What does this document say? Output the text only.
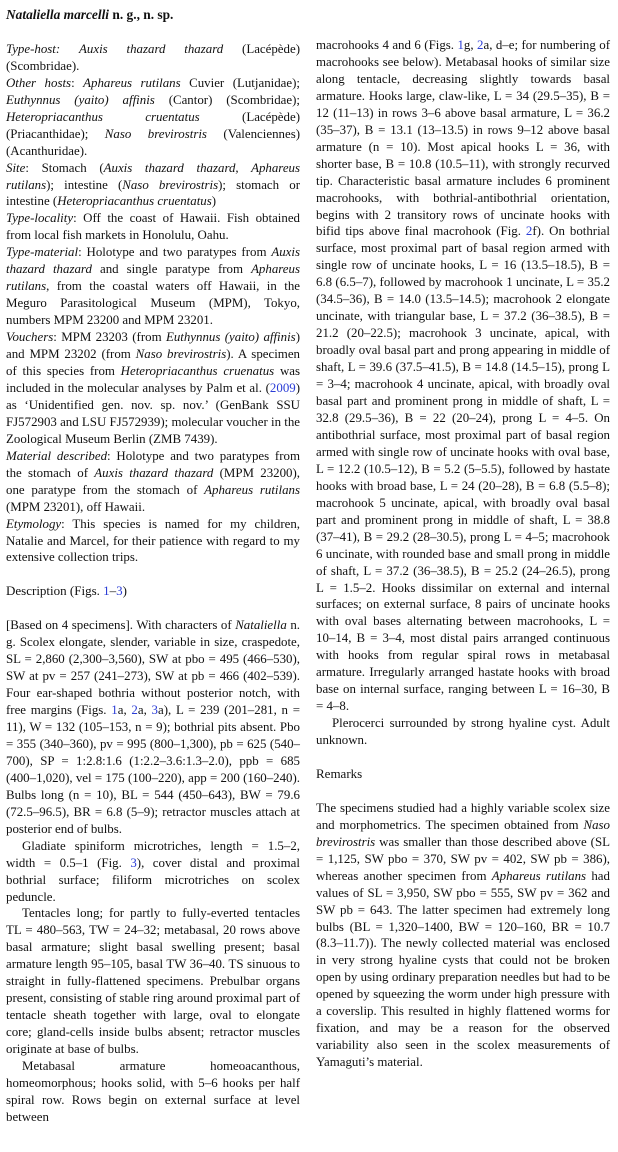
Nataliella marcelli n. g., n. sp.

Type-host: Auxis thazard thazard (Lacépède) (Scombridae).

Other hosts: Aphareus rutilans Cuvier (Lutjanidae); Euthynnus (yaito) affinis (Cantor) (Scombridae); Heteropriacanthus cruentatus (Lacépède) (Priacanthidae); Naso brevirostris (Valenciennes) (Acanthuridae).

Site: Stomach (Auxis thazard thazard, Aphareus rutilans); intestine (Naso brevirostris); stomach or intestine (Heteropriacanthus cruentatus)

Type-locality: Off the coast of Hawaii. Fish obtained from local fish markets in Honolulu, Oahu.

Type-material: Holotype and two paratypes from Auxis thazard thazard and single paratype from Aphareus rutilans, from the coastal waters off Hawaii, in the Meguro Parasitological Museum (MPM), Tokyo, numbers MPM 23200 and MPM 23201.

Vouchers: MPM 23203 (from Euthynnus (yaito) affinis) and MPM 23202 (from Naso brevirostris). A specimen of this species from Heteropriacanthus cruenatus was included in the molecular analyses by Palm et al. (2009) as ‘Unidentified gen. nov. sp. nov.’ (GenBank SSU FJ572903 and LSU FJ572939); molecular voucher in the Zoological Museum Berlin (ZMB 7439).

Material described: Holotype and two paratypes from the stomach of Auxis thazard thazard (MPM 23200), one paratype from the stomach of Aphareus rutilans (MPM 23201), off Hawaii.

Etymology: This species is named for my children, Natalie and Marcel, for their patience with regard to my extensive collection trips.

Description (Figs. 1–3)

[Based on 4 specimens]. With characters of Nataliella n. g. Scolex elongate, slender, variable in size, craspedote, SL = 2,860 (2,300–3,560), SW at pbo = 495 (466–530), SW at pv = 257 (241–273), SW at pb = 466 (402–539). Four ear-shaped bothria without posterior notch, with free margins (Figs. 1a, 2a, 3a), L = 239 (201–281, n = 11), W = 132 (105–153, n = 9); bothrial pits absent. Pbo = 355 (340–360), pv = 995 (800–1,300), pb = 625 (540–700), SP = 1:2.8:1.6 (1:2.2–3.6:1.3–2.0), ppb = 685 (400–1,020), vel = 175 (100–220), app = 200 (160–240). Bulbs long (n = 10), BL = 544 (450–643), BW = 79.6 (72.5–96.5), BR = 6.8 (5–9); retractor muscles attach at posterior end of bulbs.

Gladiate spiniform microtriches, length = 1.5–2, width = 0.5–1 (Fig. 3), cover distal and proximal bothrial surface; filiform microtriches on scolex peduncle.

Tentacles long; for partly to fully-everted tentacles TL = 480–563, TW = 24–32; metabasal, 20 rows above basal armature; slight basal swelling present; basal armature length 95–105, basal TW 36–40. TS sinuous to straight in fully-flattened specimens. Prebulbar organs present, consisting of stable ring around proximal part of tentacle sheath together with large, oval to elongate core; gland-cells inside bulbs absent; retractor muscles originate at base of bulbs.

Metabasal armature homeoacanthous, homeomorphous; hooks solid, with 5–6 hooks per half spiral row. Rows begin on external surface at level between

macrohooks 4 and 6 (Figs. 1g, 2a, d–e; for numbering of macrohooks see below). Metabasal hooks of similar size along tentacle, decreasing slightly towards basal armature. Hooks large, claw-like, L = 34 (29.5–35), B = 12 (11–13) in rows 3–6 above basal armature, L = 36.2 (35–37), B = 13.1 (13–13.5) in rows 9–12 above basal armature (n = 10). Most apical hooks L = 36, with shorter base, B = 10.8 (10.5–11), with strongly recurved tip. Characteristic basal armature includes 6 prominent macrohooks, with bothrial-antibothrial orientation, begins with 2 transitory rows of uncinate hooks with bifid tips above final macrohook (Fig. 2f). On bothrial surface, most proximal part of basal region armed with single row of uncinate hooks, L = 16 (13.5–18.5), B = 6.8 (6.5–7), followed by macrohook 1 uncinate, L = 35.2 (34.5–36), B = 14.0 (13.5–14.5); macrohook 2 elongate uncinate, with triangular base, L = 37.2 (36–38.5), B = 21.2 (20–22.5); macrohook 3 uncinate, apical, with broadly oval basal part and prong appearing in middle of shaft, L = 39.6 (37.5–41.5), B = 14.8 (14.5–15), prong L = 3–4; macrohook 4 uncinate, apical, with broadly oval basal part and prominent prong in middle of shaft, L = 32.8 (29.5–36), B = 22 (20–24), prong L = 4–5. On antibothrial surface, most proximal part of basal region armed with single row of uncinate hooks with oval base, L = 12.2 (10.5–12), B = 5.2 (5–5.5), followed by hastate hooks with broad base, L = 24 (20–28), B = 6.8 (5.5–8); macrohook 5 uncinate, apical, with broadly oval basal part and prominent prong in middle of shaft, L = 38.8 (37–41), B = 29.2 (28–30.5), prong L = 4–5; macrohook 6 uncinate, with rounded base and small prong in middle of shaft, L = 37.2 (36–38.5), B = 25.2 (24–26.5), prong L = 1.5–2. Hooks dissimilar on external and internal surfaces; on external surface, 8 pairs of uncinate hooks with oval bases alternating between macrohooks, L = 10–14, B = 3–4, most distal pairs arranged continuous with hooks from regular spiral rows in metabasal armature. Irregularly arranged hastate hooks with broad base on internal surface, ranging between L = 16–30, B = 4–8.

Plerocerci surrounded by strong hyaline cyst. Adult unknown.

Remarks

The specimens studied had a highly variable scolex size and morphometrics. The specimen obtained from Naso brevirostris was smaller than those described above (SL = 1,125, SW pbo = 370, SW pv = 402, SW pb = 386), whereas another specimen from Aphareus rutilans had values of SL = 3,950, SW pbo = 555, SW pv = 362 and SW pb = 643. The latter specimen had extremely long bulbs (BL = 1,320–1400, BW = 120–160, BR = 10.7 (8.3–11.7)). The newly collected material was enclosed in very strong hyaline cysts that could not be broken open by using ordinary preparation needles but had to be opened by squeezing the worm under high pressure with a coverslip. This resulted in highly flattened worms for fixation, and may be a reason for the observed variability also seen in the scolex measurements of Yamaguti’s material.
